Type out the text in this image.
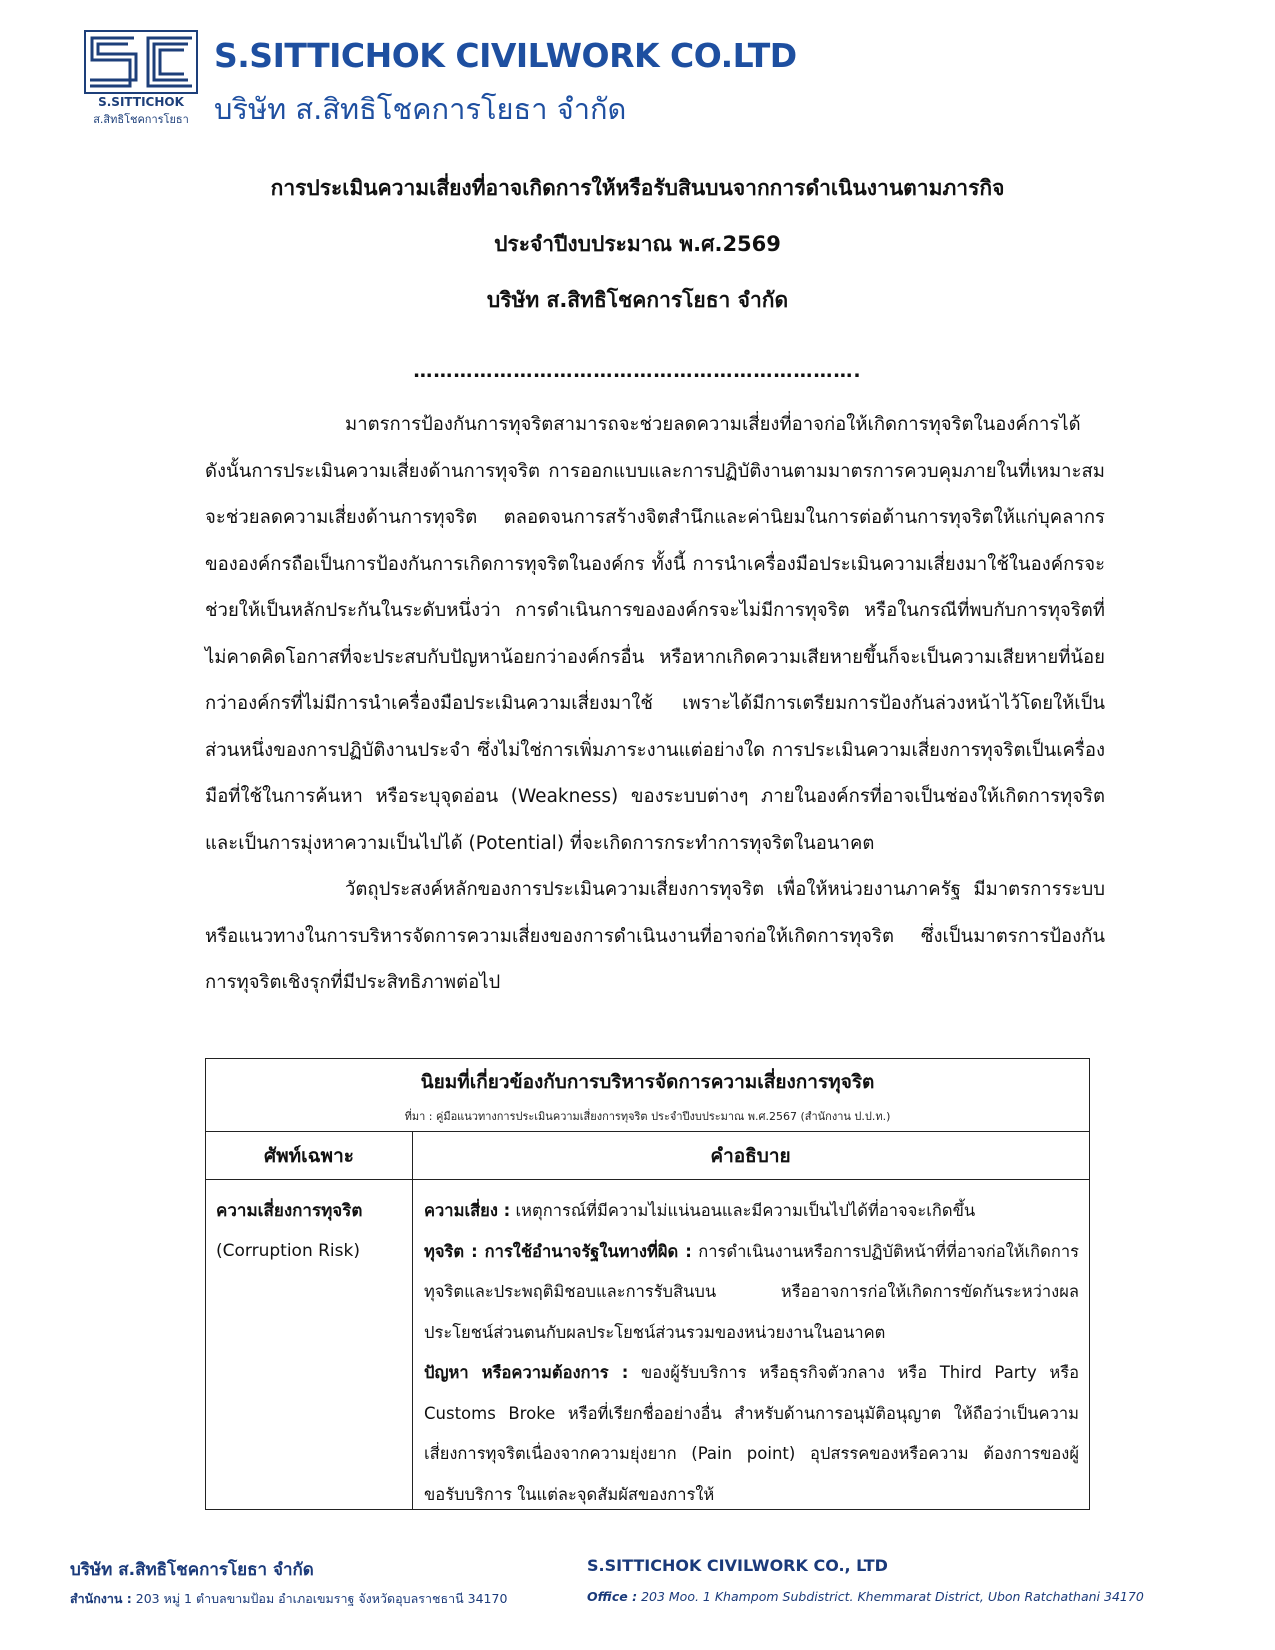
S.SITTICHOK
ส.สิทธิโชคการโยธา
S.SITTICHOK CIVILWORK CO.LTD
บริษัท ส.สิทธิโชคการโยธา จำกัด
การประเมินความเสี่ยงที่อาจเกิดการให้หรือรับสินบนจากการดำเนินงานตามภารกิจ
ประจำปีงบประมาณ พ.ศ.2569
บริษัท ส.สิทธิโชคการโยธา จำกัด
………………………………………………………….

มาตรการป้องกันการทุจริตสามารถจะช่วยลดความเสี่ยงที่อาจก่อให้เกิดการทุจริตในองค์การได้ ดังนั้นการประเมินความเสี่ยงด้านการทุจริต การออกแบบและการปฏิบัติงานตามมาตรการควบคุมภายในที่เหมาะสมจะช่วยลดความเสี่ยงด้านการทุจริต ตลอดจนการสร้างจิตสำนึกและค่านิยมในการต่อต้านการทุจริตให้แก่บุคลากรขององค์กรถือเป็นการป้องกันการเกิดการทุจริตในองค์กร ทั้งนี้ การนำเครื่องมือประเมินความเสี่ยงมาใช้ในองค์กรจะช่วยให้เป็นหลักประกันในระดับหนึ่งว่า การดำเนินการขององค์กรจะไม่มีการทุจริต หรือในกรณีที่พบกับการทุจริตที่ไม่คาดคิดโอกาสที่จะประสบกับปัญหาน้อยกว่าองค์กรอื่น หรือหากเกิดความเสียหายขึ้นก็จะเป็นความเสียหายที่น้อยกว่าองค์กรที่ไม่มีการนำเครื่องมือประเมินความเสี่ยงมาใช้ เพราะได้มีการเตรียมการป้องกันล่วงหน้าไว้โดยให้เป็นส่วนหนึ่งของการปฏิบัติงานประจำ ซึ่งไม่ใช่การเพิ่มภาระงานแต่อย่างใด การประเมินความเสี่ยงการทุจริตเป็นเครื่องมือที่ใช้ในการค้นหา หรือระบุจุดอ่อน (Weakness) ของระบบต่างๆ ภายในองค์กรที่อาจเป็นช่องให้เกิดการทุจริต และเป็นการมุ่งหาความเป็นไปได้ (Potential) ที่จะเกิดการกระทำการทุจริตในอนาคต

วัตถุประสงค์หลักของการประเมินความเสี่ยงการทุจริต เพื่อให้หน่วยงานภาครัฐ มีมาตรการระบบหรือแนวทางในการบริหารจัดการความเสี่ยงของการดำเนินงานที่อาจก่อให้เกิดการทุจริต ซึ่งเป็นมาตรการป้องกันการทุจริตเชิงรุกที่มีประสิทธิภาพต่อไป

นิยมที่เกี่ยวข้องกับการบริหารจัดการความเสี่ยงการทุจริต
ที่มา : คู่มือแนวทางการประเมินความเสี่ยงการทุจริต ประจำปีงบประมาณ พ.ศ.2567 (สำนักงาน ป.ป.ท.)
ศัพท์เฉพาะ	คำอธิบาย
ความเสี่ยงการทุจริต
(Corruption Risk)

ความเสี่ยง : เหตุการณ์ที่มีความไม่แน่นอนและมีความเป็นไปได้ที่อาจจะเกิดขึ้น

ทุจริต : การใช้อำนาจรัฐในทางที่ผิด : การดำเนินงานหรือการปฏิบัติหน้าที่ที่อาจก่อให้เกิดการทุจริตและประพฤติมิชอบและการรับสินบน หรืออาจการก่อให้เกิดการขัดกันระหว่างผลประโยชน์ส่วนตนกับผลประโยชน์ส่วนรวมของหน่วยงานในอนาคต

ปัญหา หรือความต้องการ : ของผู้รับบริการ หรือธุรกิจตัวกลาง หรือ Third Party หรือ Customs Broke หรือที่เรียกชื่ออย่างอื่น สำหรับด้านการอนุมัติอนุญาต ให้ถือว่าเป็นความเสี่ยงการทุจริตเนื่องจากความยุ่งยาก (Pain point) อุปสรรคของหรือความ ต้องการของผู้ขอรับบริการ ในแต่ละจุดสัมผัสของการให้

บริษัท ส.สิทธิโชคการโยธา จำกัด
สำนักงาน : 203 หมู่ 1 ตำบลขามป้อม อำเภอเขมราฐ จังหวัดอุบลราชธานี 34170
S.SITTICHOK CIVILWORK CO., LTD
Office : 203 Moo. 1 Khampom Subdistrict. Khemmarat District, Ubon Ratchathani 34170
